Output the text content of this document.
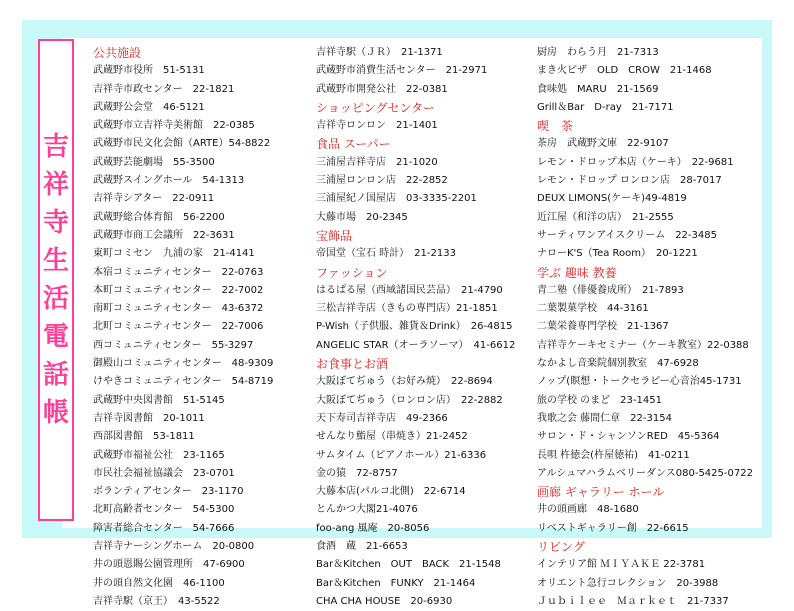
吉
祥
寺
生
活
電
話
帳
公共施設
武蔵野市役所　51-5131
吉祥寺市政センター　22-1821
武蔵野公会堂　46-5121
武蔵野市立吉祥寺美術館　22-0385
武蔵野市民文化会館（ARTE）54-8822
武蔵野芸能劇場　55-3500
武蔵野スイングホール　54-1313
吉祥寺シアター　22-0911
武蔵野総合体育館　56-2200
武蔵野市商工会議所　22-3631
東町コミセン　九浦の家　21-4141
本宿コミュニティセンター　22-0763
本町コミュニティセンター　22-7002
南町コミュニティセンター　43-6372
北町コミュニティセンター　22-7006
西コミュニティセンター　55-3297
御殿山コミュニティセンター　48-9309
けやきコミュニティセンター　54-8719
武蔵野中央図書館　51-5145
吉祥寺図書館　20-1011
西部図書館　53-1811
武蔵野市福祉公社　23-1165
市民社会福祉協議会　23-0701
ボランティアセンター　23-1170
北町高齢者センター　54-5300
障害者総合センター　54-7666
吉祥寺ナーシングホーム　20-0800
井の頭恩賜公園管理所　47-6900
井の頭自然文化園　46-1100
吉祥寺駅（京王）　43-5522
吉祥寺駅（ＪＲ）　21-1371
武蔵野市消費生活センター　21-2971
武蔵野市開発公社　22-0381
ショッピングセンター
吉祥寺ロンロン　21-1401
食品 スーパー
三浦屋吉祥寺店　21-1020
三浦屋ロンロン店　22-2852
三浦屋紀ノ国屋店　03-3335-2201
大藤市場　20-2345
宝飾品
帝国堂（宝石 時計）　21-2133
ファッション
はるぱる屋（西域諸国民芸品）　21-4790
三松吉祥寺店（きもの専門店）21-1851
P-Wish（子供服、雑貨＆Drink）　26-4815
ANGELIC STAR（オーラソーマ）　41-6612
お食事とお酒
大阪ぼてぢゅう（お好み焼）　22-8694
大阪ぼてぢゅう（ロンロン店）　22-2882
天下寿司吉祥寺店　49-2366
せんなり鮨屋（串焼き）21-2452
サムタイム（ピアノホール）21-6336
金の猿　72-8757
大藤本店(パルコ北側)　22-6714
とんかつ大閣21-4076
foo-ang 風庵　20-8056
食酒　蔵　21-6653
Bar＆Kitchen　OUT　BACK　21-1548
Bar＆Kitchen　FUNKY　21-1464
CHA CHA HOUSE　20-6930
厨房　わらう月　21-7313
まき火ピザ　OLD　CROW　21-1468
食味処　MARU　21-1569
Grill＆Bar　D-ray　21-7171
喫　茶
茶房　武蔵野文庫　22-9107
レモン・ドロップ本店（ケーキ）　22-9681
レモン・ドロップ ロンロン店　28-7017
DEUX LIMONS(ケーキ)49-4819
近江屋（和洋の店）　21-2555
サーティワンアイスクリーム　22-3485
ナローK'S（Tea Room）　20-1221
学ぶ 趣味 教養
青二塾（俳優養成所）　21-7893
二葉製菓学校　44-3161
二葉栄養専門学校　21-1367
吉祥寺ケーキセミナー（ケーキ教室）22-0388
なかよし音楽院個別教室　47-6928
ノップ(瞑想・トークセラピー心音治45-1731
旅の学校 のまど　23-1451
我歌之会 藤間仁章　22-3154
サロン・ド・シャンソンRED　45-5364
長唄 杵徳会(杵屋徳祐)　41-0211
アルシュマハラムベリーダンス080-5425-0722
画廊 ギャラリー ホール
井の頭画廊　48-1680
リベストギャラリー創　22-6615
リビング
インテリア館 ＭＩＹＡＫＥ 22-3781
オリエント急行コレクション　20-3988
Ｊｕｂｉｌｅｅ　Ｍａｒｋｅｔ　21-7337
